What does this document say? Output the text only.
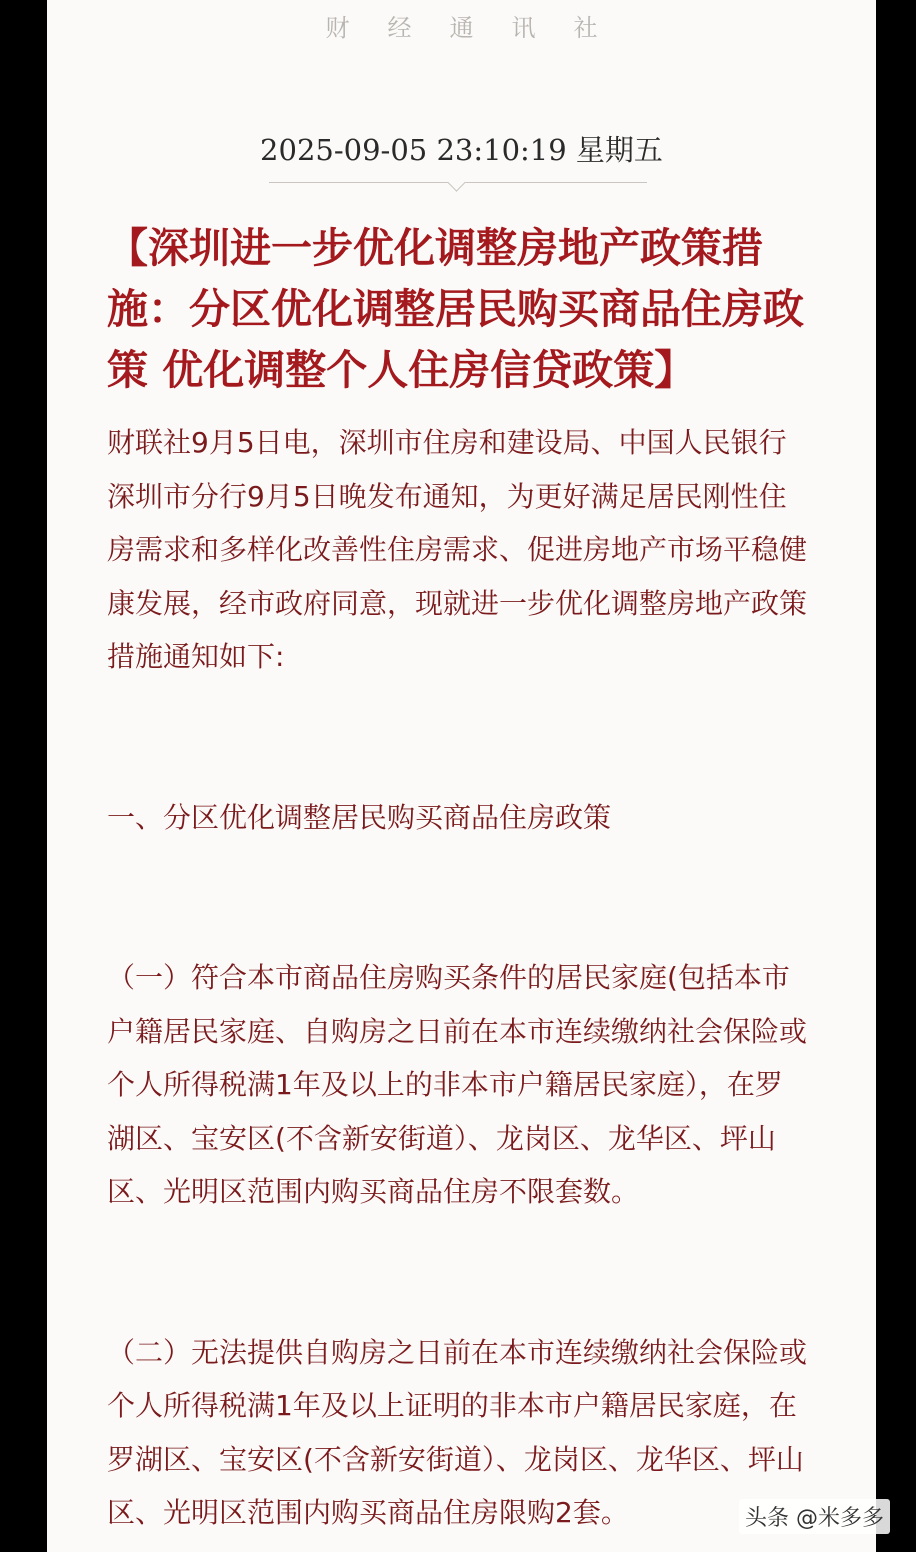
财经通讯社
2025-09-05 23:10:19 星期五
【深圳进一步优化调整房地产政策措施：分区优化调整居民购买商品住房政策 优化调整个人住房信贷政策】

财联社9月5日电，深圳市住房和建设局、中国人民银行深圳市分行9月5日晚发布通知，为更好满足居民刚性住房需求和多样化改善性住房需求、促进房地产市场平稳健康发展，经市政府同意，现就进一步优化调整房地产政策措施通知如下:

一、分区优化调整居民购买商品住房政策

（一）符合本市商品住房购买条件的居民家庭(包括本市户籍居民家庭、自购房之日前在本市连续缴纳社会保险或个人所得税满1年及以上的非本市户籍居民家庭），在罗湖区、宝安区(不含新安街道）、龙岗区、龙华区、坪山区、光明区范围内购买商品住房不限套数。

（二）无法提供自购房之日前在本市连续缴纳社会保险或个人所得税满1年及以上证明的非本市户籍居民家庭，在罗湖区、宝安区(不含新安街道）、龙岗区、龙华区、坪山区、光明区范围内购买商品住房限购2套。	头条 @米多多
